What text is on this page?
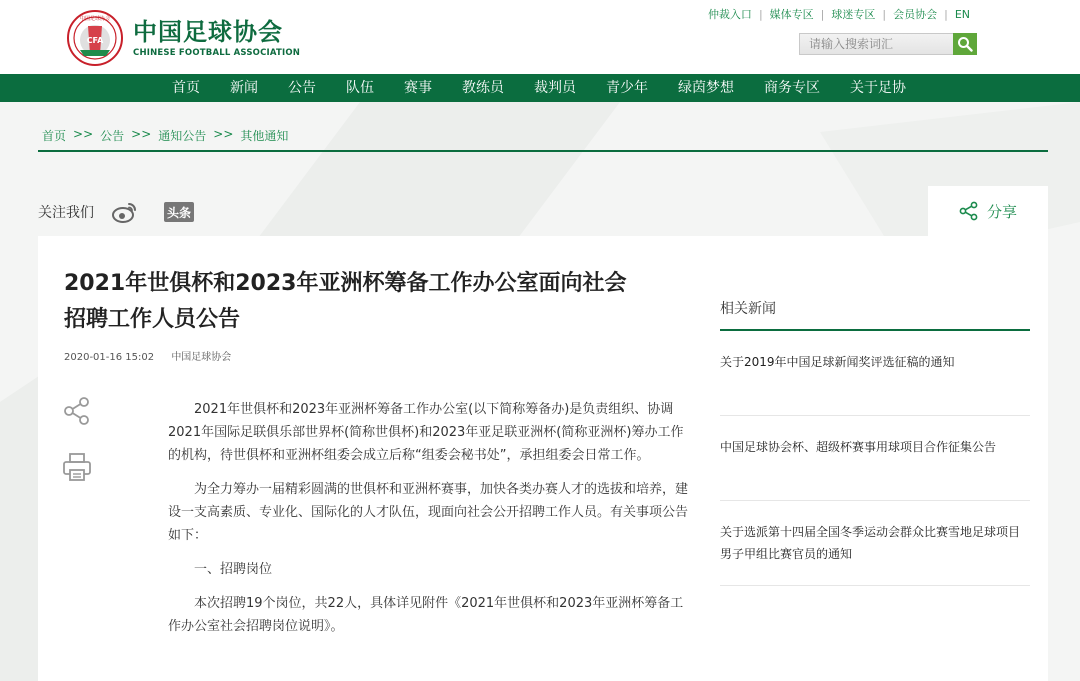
CFA
中国足球协会 中国足球协会
CHINESE FOOTBALL ASSOCIATION
仲裁入口 | 媒体专区 | 球迷专区 | 会员协会 | EN
请输入搜索词汇
首页 新闻 公告 队伍 赛事 教练员 裁判员 青少年 绿茵梦想 商务专区 关于足协
首页 >> 公告 >> 通知公告 >> 其他通知
关注我们	头条	分享
2021年世俱杯和2023年亚洲杯筹备工作办公室面向社会
招聘工作人员公告
2020-01-16 15:02 中国足球协会

2021年世俱杯和2023年亚洲杯筹备工作办公室(以下简称筹备办)是负责组织、协调2021年国际足联俱乐部世界杯(简称世俱杯)和2023年亚足联亚洲杯(简称亚洲杯)筹办工作的机构，待世俱杯和亚洲杯组委会成立后称“组委会秘书处”，承担组委会日常工作。

为全力筹办一届精彩圆满的世俱杯和亚洲杯赛事，加快各类办赛人才的选拔和培养，建设一支高素质、专业化、国际化的人才队伍，现面向社会公开招聘工作人员。有关事项公告如下：

一、招聘岗位

本次招聘19个岗位，共22人，具体详见附件《2021年世俱杯和2023年亚洲杯筹备工作办公室社会招聘岗位说明》。

相关新闻
关于2019年中国足球新闻奖评选征稿的通知
中国足球协会杯、超级杯赛事用球项目合作征集公告
关于选派第十四届全国冬季运动会群众比赛雪地足球项目男子甲组比赛官员的通知
